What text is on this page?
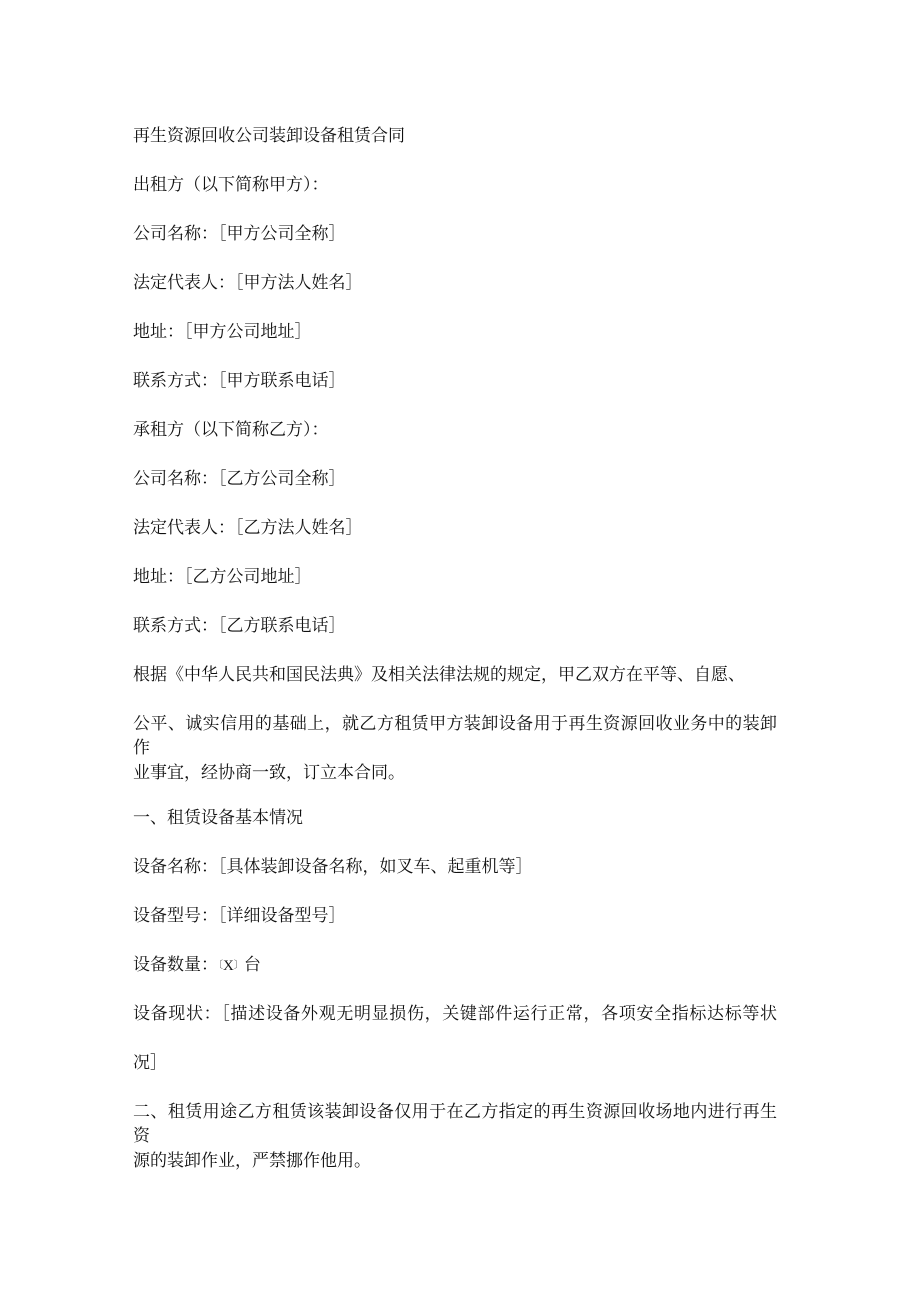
再生资源回收公司装卸设备租赁合同

出租方（以下简称甲方）：

公司名称：［甲方公司全称］

法定代表人：［甲方法人姓名］

地址：［甲方公司地址］

联系方式：［甲方联系电话］

承租方（以下简称乙方）：

公司名称：［乙方公司全称］

法定代表人：［乙方法人姓名］

地址：［乙方公司地址］

联系方式：［乙方联系电话］

根据《中华人民共和国民法典》及相关法律法规的规定，甲乙双方在平等、自愿、

公平、诚实信用的基础上，就乙方租赁甲方装卸设备用于再生资源回收业务中的装卸作

业事宜，经协商一致，订立本合同。

一、租赁设备基本情况

设备名称：［具体装卸设备名称，如叉车、起重机等］

设备型号：［详细设备型号］

设备数量：〔X〕台

设备现状：［描述设备外观无明显损伤，关键部件运行正常，各项安全指标达标等状

况］

二、租赁用途乙方租赁该装卸设备仅用于在乙方指定的再生资源回收场地内进行再生资

源的装卸作业，严禁挪作他用。
